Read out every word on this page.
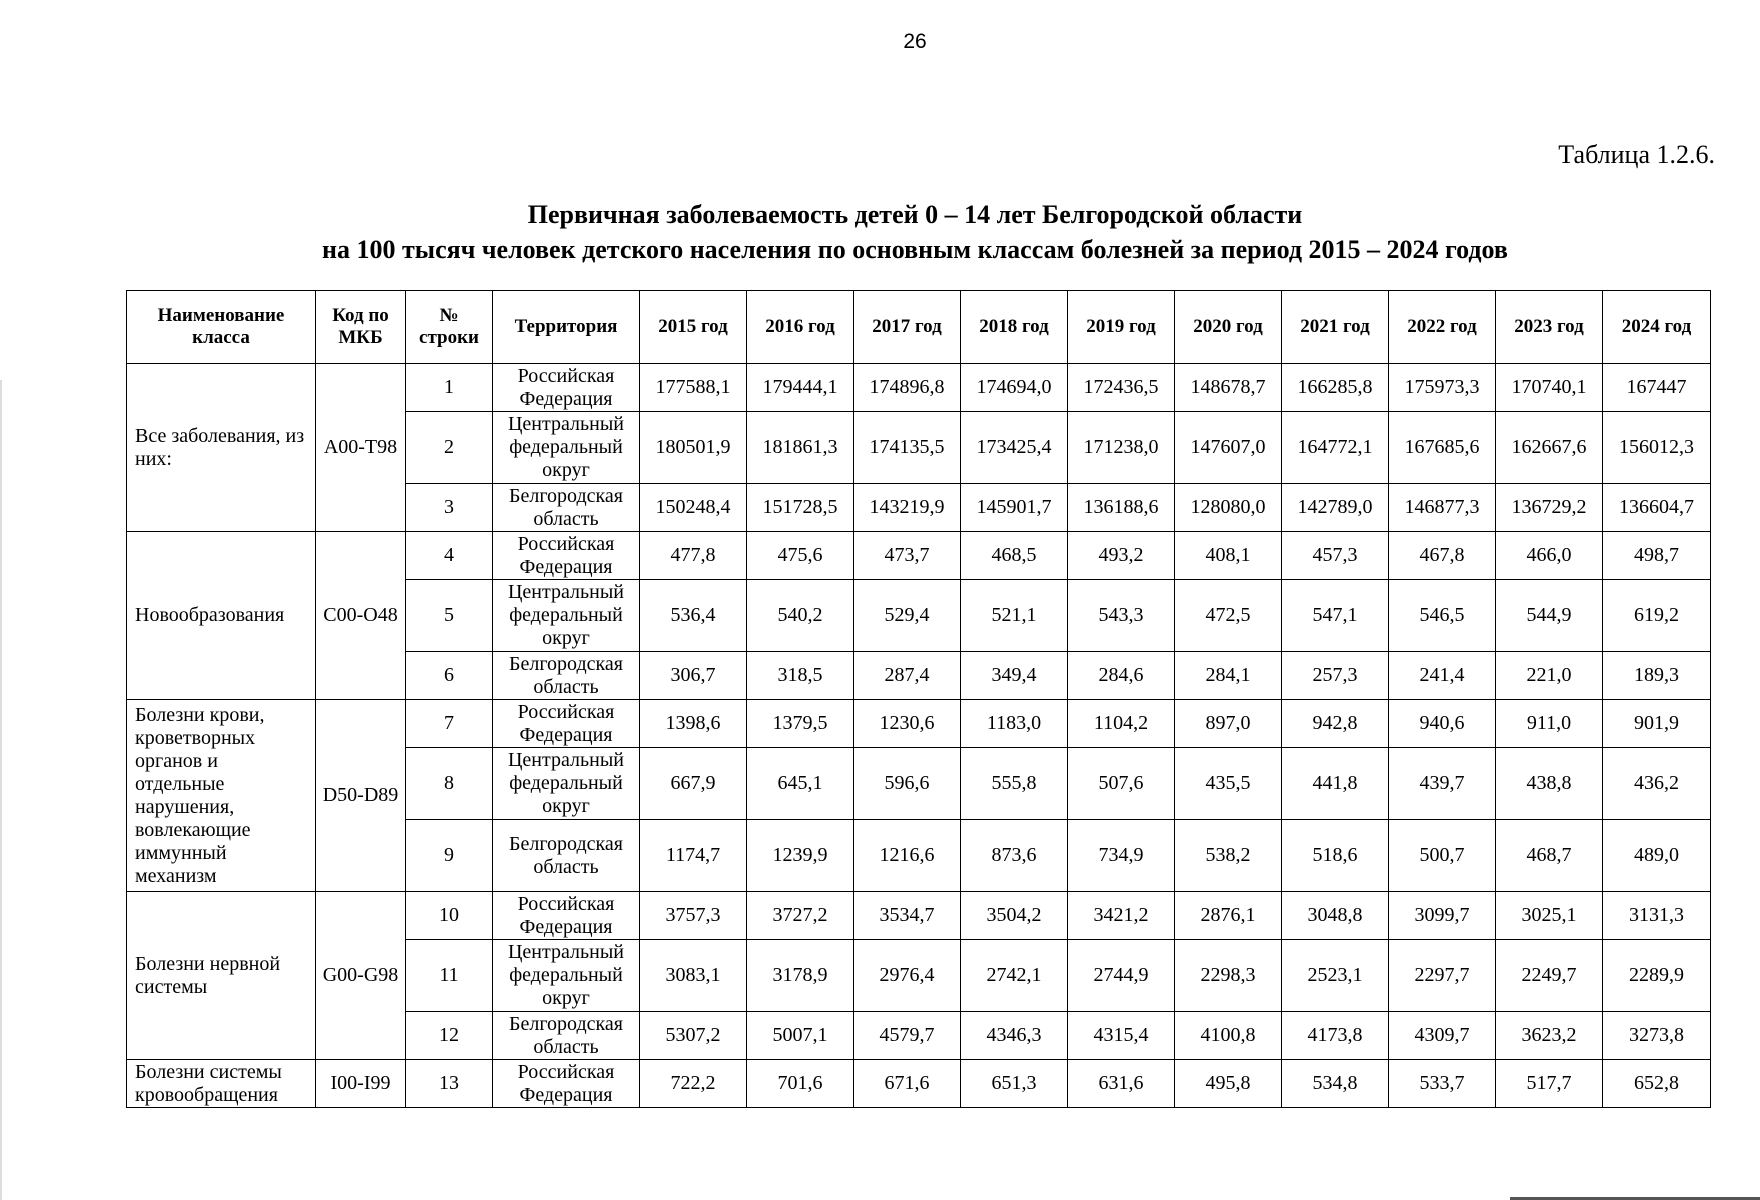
26
Таблица 1.2.6.
Первичная заболеваемость детей 0 – 14 лет Белгородской области
на 100 тысяч человек детского населения по основным классам болезней за период 2015 – 2024 годов
Наименование класса	Код по МКБ	№ строки	Территория	2015 год	2016 год	2017 год	2018 год	2019 год	2020 год	2021 год	2022 год	2023 год	2024 год
Все заболевания, из них:	A00-T98	1	Российская Федерация	177588,1	179444,1	174896,8	174694,0	172436,5	148678,7	166285,8	175973,3	170740,1	167447
		2	Центральный федеральный округ	180501,9	181861,3	174135,5	173425,4	171238,0	147607,0	164772,1	167685,6	162667,6	156012,3
		3	Белгородская область	150248,4	151728,5	143219,9	145901,7	136188,6	128080,0	142789,0	146877,3	136729,2	136604,7
Новообразования	C00-O48	4	Российская Федерация	477,8	475,6	473,7	468,5	493,2	408,1	457,3	467,8	466,0	498,7
		5	Центральный федеральный округ	536,4	540,2	529,4	521,1	543,3	472,5	547,1	546,5	544,9	619,2
		6	Белгородская область	306,7	318,5	287,4	349,4	284,6	284,1	257,3	241,4	221,0	189,3
Болезни крови, кроветворных органов и отдельные нарушения, вовлекающие иммунный механизм	D50-D89	7	Российская Федерация	1398,6	1379,5	1230,6	1183,0	1104,2	897,0	942,8	940,6	911,0	901,9
		8	Центральный федеральный округ	667,9	645,1	596,6	555,8	507,6	435,5	441,8	439,7	438,8	436,2
		9	Белгородская область	1174,7	1239,9	1216,6	873,6	734,9	538,2	518,6	500,7	468,7	489,0
Болезни нервной системы	G00-G98	10	Российская Федерация	3757,3	3727,2	3534,7	3504,2	3421,2	2876,1	3048,8	3099,7	3025,1	3131,3
		11	Центральный федеральный округ	3083,1	3178,9	2976,4	2742,1	2744,9	2298,3	2523,1	2297,7	2249,7	2289,9
		12	Белгородская область	5307,2	5007,1	4579,7	4346,3	4315,4	4100,8	4173,8	4309,7	3623,2	3273,8
Болезни системы кровообращения	I00-I99	13	Российская Федерация	722,2	701,6	671,6	651,3	631,6	495,8	534,8	533,7	517,7	652,8
